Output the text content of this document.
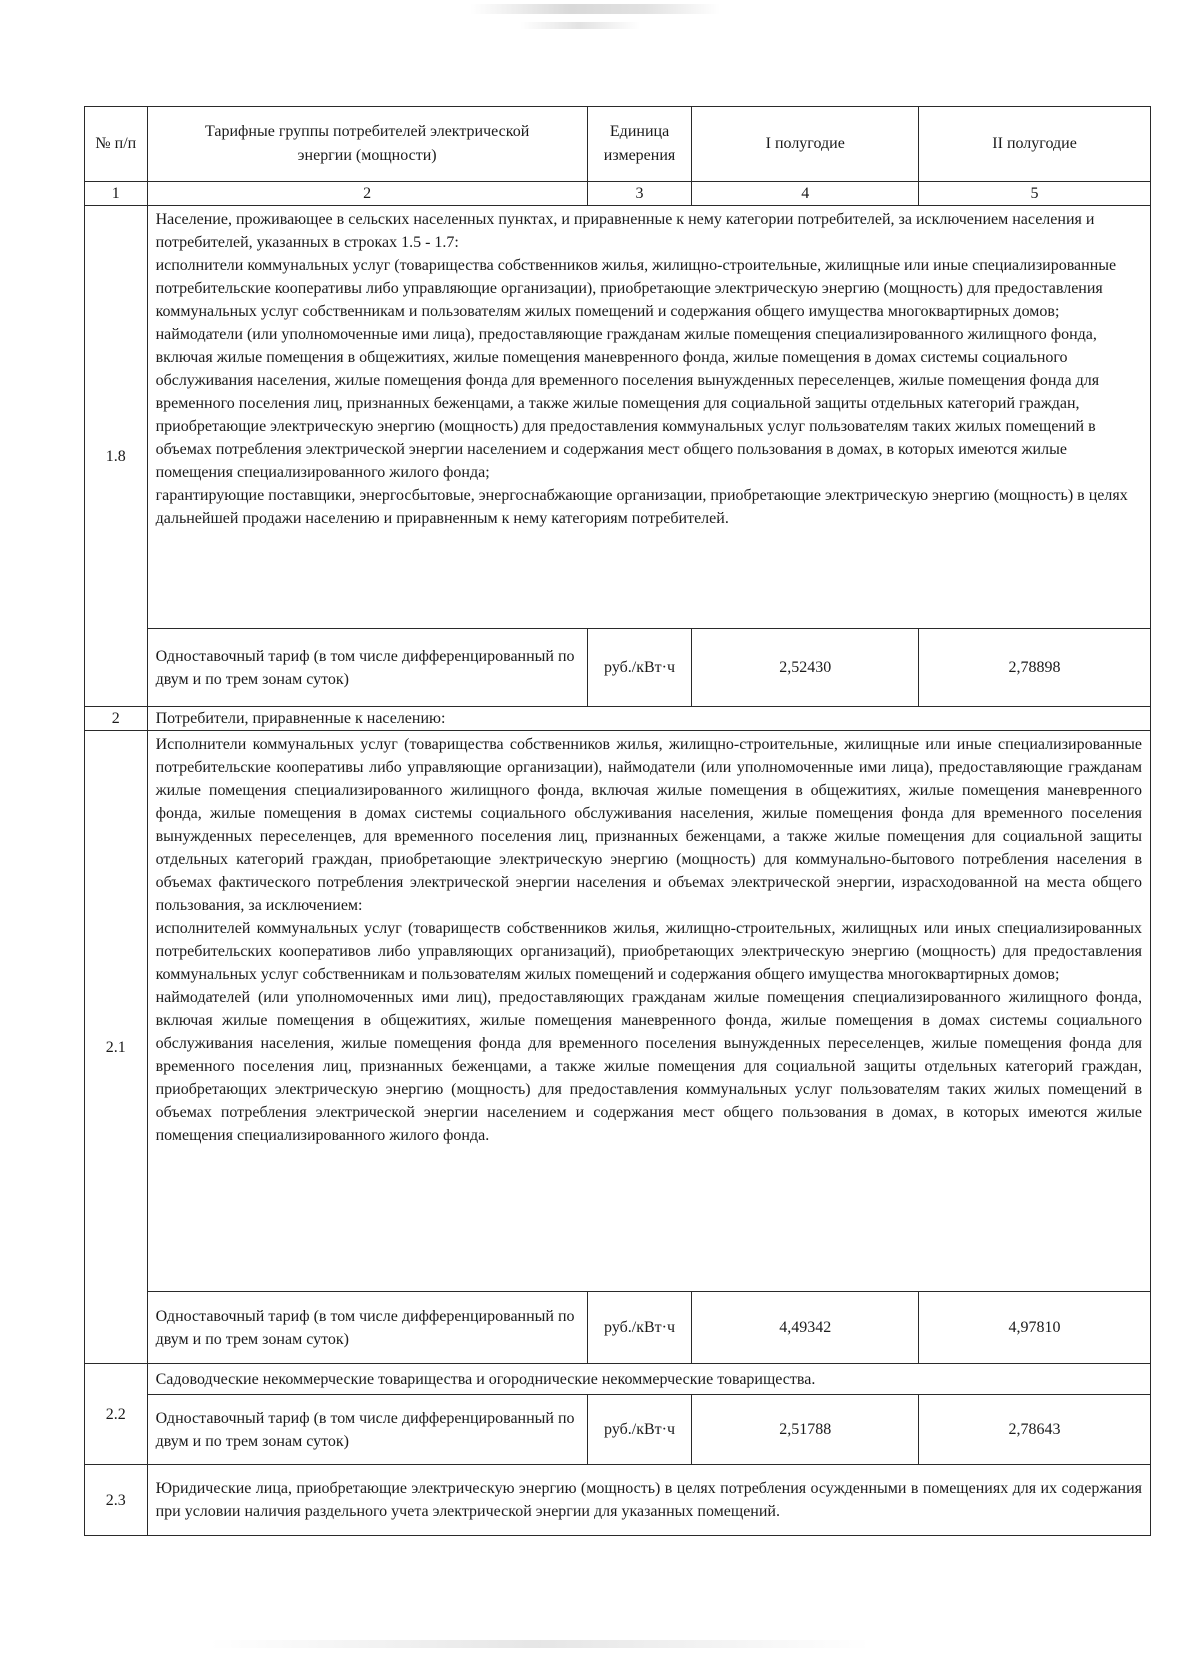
№ п/п	Тарифные группы потребителей электрической энергии (мощности)	Единица измерения	I полугодие	II полугодие
1	2	3	4	5
1.8	Население, проживающее в сельских населенных пунктах, и приравненные к нему категории потребителей, за исключением населения и потребителей, указанных в строках 1.5 - 1.7:

исполнители коммунальных услуг (товарищества собственников жилья, жилищно-строительные, жилищные или иные специализированные потребительские кооперативы либо управляющие организации), приобретающие электрическую энергию (мощность) для предоставления коммунальных услуг собственникам и пользователям жилых помещений и содержания общего имущества многоквартирных домов;

наймодатели (или уполномоченные ими лица), предоставляющие гражданам жилые помещения специализированного жилищного фонда, включая жилые помещения в общежитиях, жилые помещения маневренного фонда, жилые помещения в домах системы социального обслуживания населения, жилые помещения фонда для временного поселения вынужденных переселенцев, жилые помещения фонда для временного поселения лиц, признанных беженцами, а также жилые помещения для социальной защиты отдельных категорий граждан, приобретающие электрическую энергию (мощность) для предоставления коммунальных услуг пользователям таких жилых помещений в объемах потребления электрической энергии населением и содержания мест общего пользования в домах, в которых имеются жилые помещения специализированного жилого фонда;

гарантирующие поставщики, энергосбытовые, энергоснабжающие организации, приобретающие электрическую энергию (мощность) в целях дальнейшей продажи населению и приравненным к нему категориям потребителей.			

	Одноставочный тариф (в том числе дифференцированный по двум и по трем зонам суток)	руб./кВт·ч	2,52430	2,78898
2	Потребители, приравненные к населению:			
2.1	Исполнители коммунальных услуг (товарищества собственников жилья, жилищно-строительные, жилищные или иные специализированные потребительские кооперативы либо управляющие организации), наймодатели (или уполномоченные ими лица), предоставляющие гражданам жилые помещения специализированного жилищного фонда, включая жилые помещения в общежитиях, жилые помещения маневренного фонда, жилые помещения в домах системы социального обслуживания населения, жилые помещения фонда для временного поселения вынужденных переселенцев, для временного поселения лиц, признанных беженцами, а также жилые помещения для социальной защиты отдельных категорий граждан, приобретающие электрическую энергию (мощность) для коммунально-бытового потребления населения в объемах фактического потребления электрической энергии населения и объемах электрической энергии, израсходованной на места общего пользования, за исключением:

исполнителей коммунальных услуг (товариществ собственников жилья, жилищно-строительных, жилищных или иных специализированных потребительских кооперативов либо управляющих организаций), приобретающих электрическую энергию (мощность) для предоставления коммунальных услуг собственникам и пользователям жилых помещений и содержания общего имущества многоквартирных домов;

наймодателей (или уполномоченных ими лиц), предоставляющих гражданам жилые помещения специализированного жилищного фонда, включая жилые помещения в общежитиях, жилые помещения маневренного фонда, жилые помещения в домах системы социального обслуживания населения, жилые помещения фонда для временного поселения вынужденных переселенцев, жилые помещения фонда для временного поселения лиц, признанных беженцами, а также жилые помещения для социальной защиты отдельных категорий граждан, приобретающих электрическую энергию (мощность) для предоставления коммунальных услуг пользователям таких жилых помещений в объемах потребления электрической энергии населением и содержания мест общего пользования в домах, в которых имеются жилые помещения специализированного жилого фонда.			

	Одноставочный тариф (в том числе дифференцированный по двум и по трем зонам суток)	руб./кВт·ч	4,49342	4,97810
2.2	Садоводческие некоммерческие товарищества и огороднические некоммерческие товарищества.			
	Одноставочный тариф (в том числе дифференцированный по двум и по трем зонам суток)	руб./кВт·ч	2,51788	2,78643
2.3	Юридические лица, приобретающие электрическую энергию (мощность) в целях потребления осужденными в помещениях для их содержания при условии наличия раздельного учета электрической энергии для указанных помещений.			
